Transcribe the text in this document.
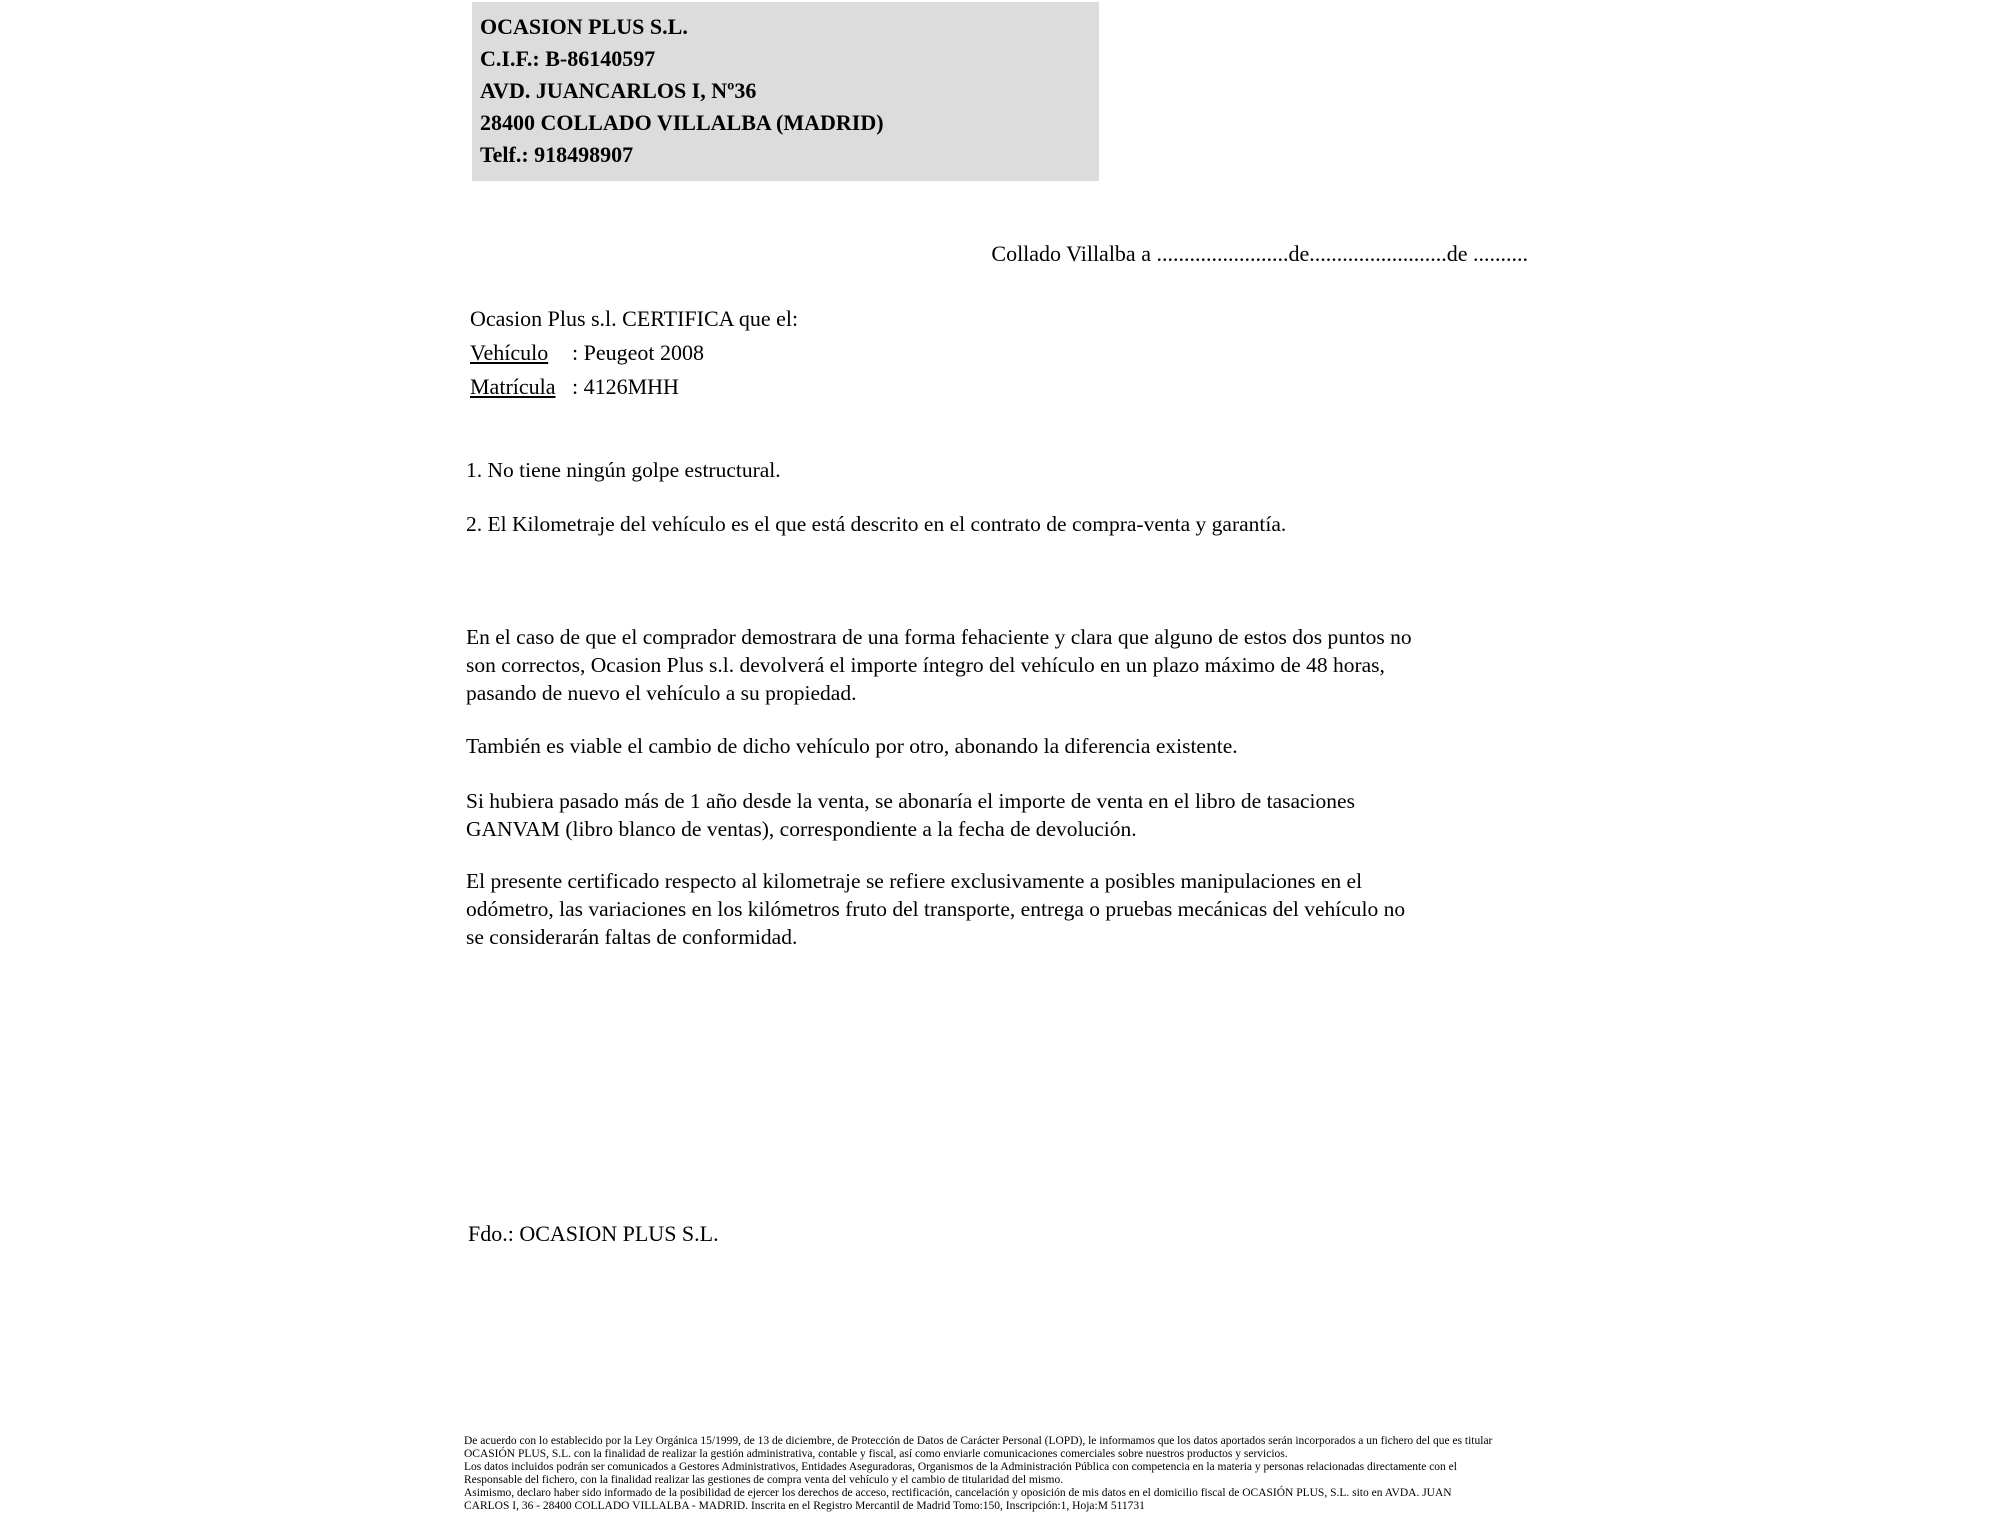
OCASION PLUS S.L.
C.I.F.: B-86140597
AVD. JUANCARLOS I, Nº36
28400 COLLADO VILLALBA (MADRID)
Telf.: 918498907
Collado Villalba a ........................de.........................de ..........
Ocasion Plus s.l. CERTIFICA que el:
Vehículo : Peugeot 2008
Matrícula : 4126MHH
1. No tiene ningún golpe estructural.
2. El Kilometraje del vehículo es el que está descrito en el contrato de compra-venta y garantía.
En el caso de que el comprador demostrara de una forma fehaciente y clara que alguno de estos dos puntos no
son correctos, Ocasion Plus s.l. devolverá el importe íntegro del vehículo en un plazo máximo de 48 horas,
pasando de nuevo el vehículo a su propiedad.
También es viable el cambio de dicho vehículo por otro, abonando la diferencia existente.
Si hubiera pasado más de 1 año desde la venta, se abonaría el importe de venta en el libro de tasaciones
GANVAM (libro blanco de ventas), correspondiente a la fecha de devolución.
El presente certificado respecto al kilometraje se refiere exclusivamente a posibles manipulaciones en el
odómetro, las variaciones en los kilómetros fruto del transporte, entrega o pruebas mecánicas del vehículo no
se considerarán faltas de conformidad.
Fdo.: OCASION PLUS S.L.
De acuerdo con lo establecido por la Ley Orgánica 15/1999, de 13 de diciembre, de Protección de Datos de Carácter Personal (LOPD), le informamos que los datos aportados serán incorporados a un fichero del que es titular
OCASIÓN PLUS, S.L. con la finalidad de realizar la gestión administrativa, contable y fiscal, así como enviarle comunicaciones comerciales sobre nuestros productos y servicios.
Los datos incluidos podrán ser comunicados a Gestores Administrativos, Entidades Aseguradoras, Organismos de la Administración Pública con competencia en la materia y personas relacionadas directamente con el
Responsable del fichero, con la finalidad realizar las gestiones de compra venta del vehículo y el cambio de titularidad del mismo.
Asimismo, declaro haber sido informado de la posibilidad de ejercer los derechos de acceso, rectificación, cancelación y oposición de mis datos en el domicilio fiscal de OCASIÓN PLUS, S.L. sito en AVDA. JUAN
CARLOS I, 36 - 28400 COLLADO VILLALBA - MADRID. Inscrita en el Registro Mercantil de Madrid Tomo:150, Inscripción:1, Hoja:M 511731
